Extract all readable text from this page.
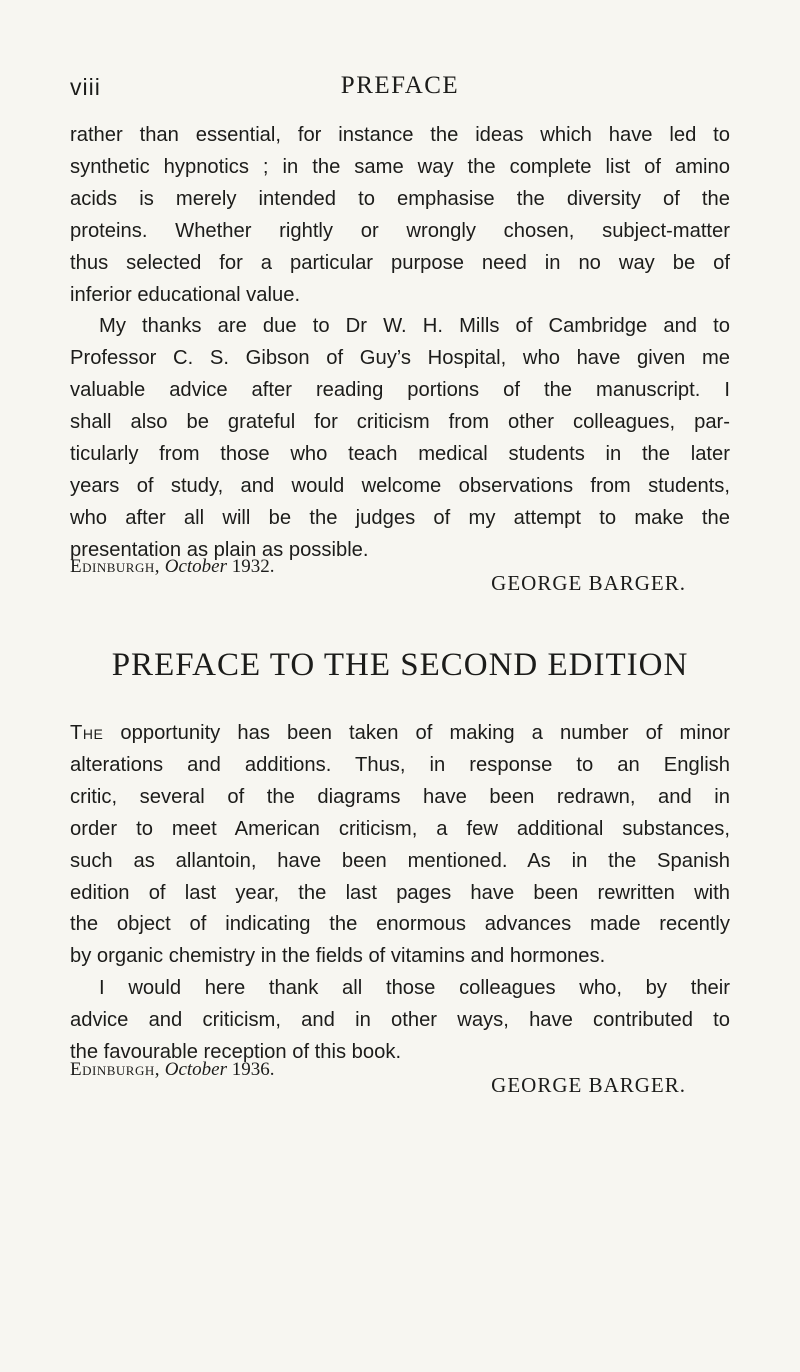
viii	PREFACE

rather than essential, for instance the ideas which have led to
synthetic hypnotics ; in the same way the complete list of amino
acids is merely intended to emphasise the diversity of the
proteins. Whether rightly or wrongly chosen, subject-matter
thus selected for a particular purpose need in no way be of
inferior educational value.

My thanks are due to Dr W. H. Mills of Cambridge and to
Professor C. S. Gibson of Guy’s Hospital, who have given me
valuable advice after reading portions of the manuscript. I
shall also be grateful for criticism from other colleagues, par-
ticularly from those who teach medical students in the later
years of study, and would welcome observations from students,
who after all will be the judges of my attempt to make the
presentation as plain as possible.

GEORGE BARGER.
Edinburgh, October 1932.
PREFACE TO THE SECOND EDITION

The opportunity has been taken of making a number of minor
alterations and additions. Thus, in response to an English
critic, several of the diagrams have been redrawn, and in
order to meet American criticism, a few additional substances,
such as allantoin, have been mentioned. As in the Spanish
edition of last year, the last pages have been rewritten with
the object of indicating the enormous advances made recently
by organic chemistry in the fields of vitamins and hormones.

I would here thank all those colleagues who, by their
advice and criticism, and in other ways, have contributed to
the favourable reception of this book.

GEORGE BARGER.
Edinburgh, October 1936.
